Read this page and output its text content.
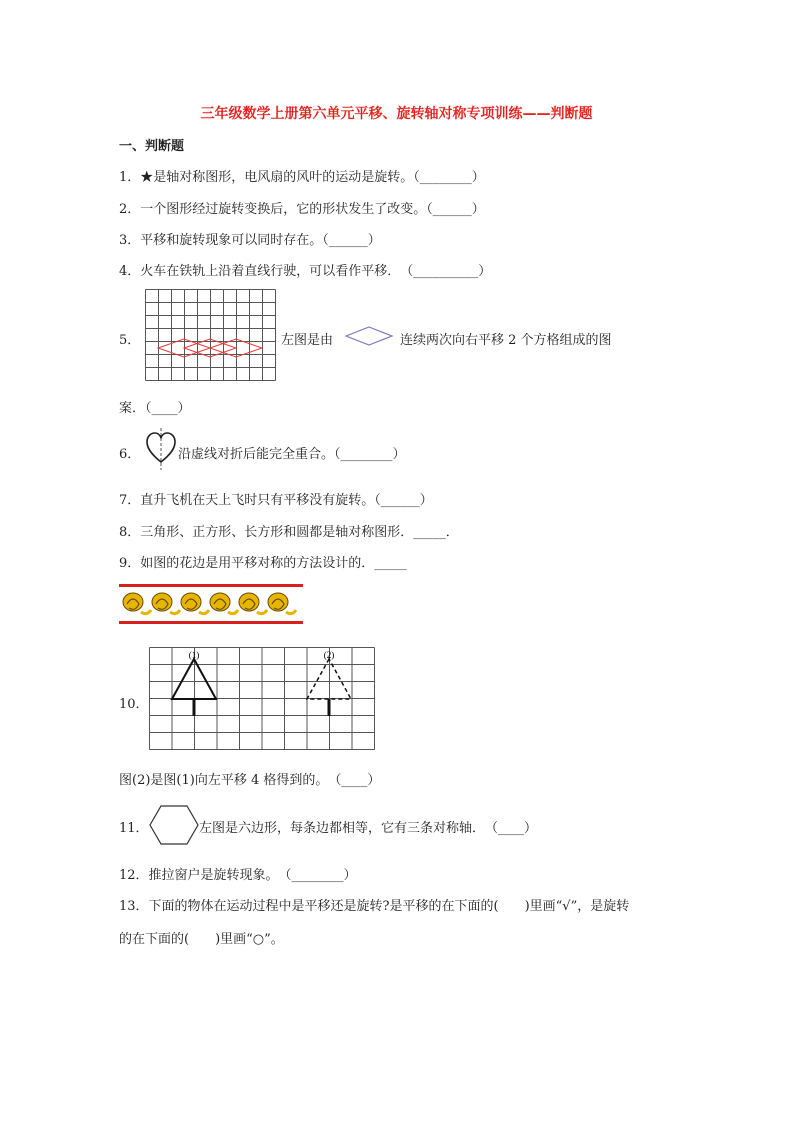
三年级数学上册第六单元平移、旋转轴对称专项训练——判断题
一、判断题
1．★是轴对称图形，电风扇的风叶的运动是旋转。（________）
2．一个图形经过旋转变换后，它的形状发生了改变。（______）
3．平移和旋转现象可以同时存在。（______）
4．火车在铁轨上沿着直线行驶，可以看作平移．　（__________）
5．	左图是由	连续两次向右平移 2 个方格组成的图
案．（____）
6．	沿虚线对折后能完全重合。（________）
7．直升飞机在天上飞时只有平移没有旋转。（______）
8．三角形、正方形、长方形和圆都是轴对称图形．_____．
9．如图的花边是用平移对称的方法设计的．_____
10．
(1)	(2)
图(2)是图(1)向左平移 4 格得到的。　（____）
11．	左图是六边形，每条边都相等，它有三条对称轴．　（____）
12．推拉窗户是旋转现象。　（________）
13．下面的物体在运动过程中是平移还是旋转?是平移的在下面的(　　)里画“√”，是旋转
的在下面的(　　)里画“○”。
